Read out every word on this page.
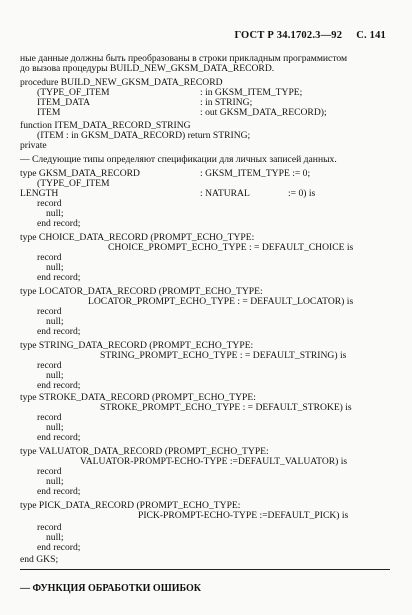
ГОСТ Р 34.1702.3—92 С. 141
ные данные должны быть преобразованы в строки прикладным программистом
до вызова процедуры BUILD_NEW_GKSM_DATA_RECORD.
procedure BUILD_NEW_GKSM_DATA_RECORD
(TYPE_OF_ITEM	: in GKSM_ITEM_TYPE;
ITEM_DATA	: in STRING;
ITEM	: out GKSM_DATA_RECORD);
function ITEM_DATA_RECORD_STRING
(ITEM : in GKSM_DATA_RECORD) return STRING;
private
— Следующие типы определяют спецификации для личных записей данных.
type GKSM_DATA_RECORD	: GKSM_ITEM_TYPE := 0;
(TYPE_OF_ITEM
LENGTH	: NATURAL	:= 0) is
record
null;
end record;
type CHOICE_DATA_RECORD (PROMPT_ECHO_TYPE:
CHOICE_PROMPT_ECHO_TYPE : = DEFAULT_CHOICE is
record
null;
end record;
type LOCATOR_DATA_RECORD (PROMPT_ECHO_TYPE:
LOCATOR_PROMPT_ECHO_TYPE : = DEFAULT_LOCATOR) is
record
null;
end record;
type STRING_DATA_RECORD (PROMPT_ECHO_TYPE:
STRING_PROMPT_ECHO_TYPE : = DEFAULT_STRING) is
record
null;
end record;
type STROKE_DATA_RECORD (PROMPT_ECHO_TYPE:
STROKE_PROMPT_ECHO_TYPE : = DEFAULT_STROKE) is
record
null;
end record;
type VALUATOR_DATA_RECORD (PROMPT_ECHO_TYPE:
VALUATOR-PROMPT-ECHO-TYPE :=DEFAULT_VALUATOR) is
record
null;
end record;
type PICK_DATA_RECORD (PROMPT_ECHO_TYPE:
PICK-PROMPT-ECHO-TYPE :=DEFAULT_PICK) is
record
null;
end record;
end GKS;
— ФУНКЦИЯ ОБРАБОТКИ ОШИБОК
